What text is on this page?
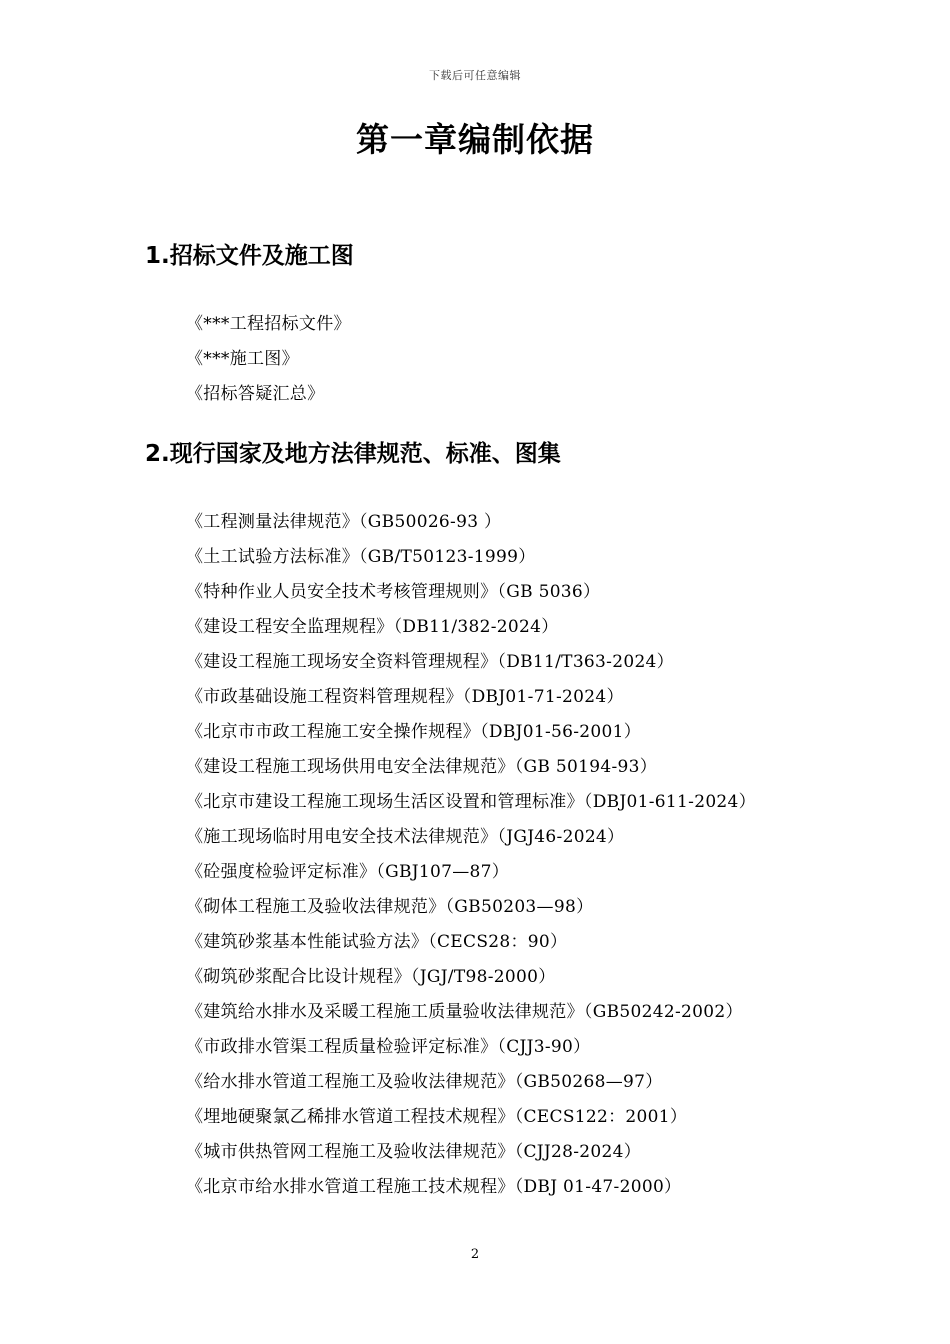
下载后可任意编辑
第一章编制依据
1.招标文件及施工图
《***工程招标文件》
《***施工图》
《招标答疑汇总》
2.现行国家及地方法律规范、标准、图集
《工程测量法律规范》（GB50026-93 ）
《土工试验方法标准》（GB/T50123-1999）
《特种作业人员安全技术考核管理规则》（GB 5036）
《建设工程安全监理规程》（DB11/382-2024）
《建设工程施工现场安全资料管理规程》（DB11/T363-2024）
《市政基础设施工程资料管理规程》（DBJ01-71-2024）
《北京市市政工程施工安全操作规程》（DBJ01-56-2001）
《建设工程施工现场供用电安全法律规范》（GB 50194-93）
《北京市建设工程施工现场生活区设置和管理标准》（DBJ01-611-2024）
《施工现场临时用电安全技术法律规范》（JGJ46-2024）
《砼强度检验评定标准》（GBJ107—87）
《砌体工程施工及验收法律规范》（GB50203—98）
《建筑砂浆基本性能试验方法》（CECS28：90）
《砌筑砂浆配合比设计规程》（JGJ/T98-2000）
《建筑给水排水及采暖工程施工质量验收法律规范》（GB50242-2002）
《市政排水管渠工程质量检验评定标准》（CJJ3-90）
《给水排水管道工程施工及验收法律规范》（GB50268—97）
《埋地硬聚氯乙稀排水管道工程技术规程》（CECS122：2001）
《城市供热管网工程施工及验收法律规范》（CJJ28-2024）
《北京市给水排水管道工程施工技术规程》（DBJ 01-47-2000）
2
